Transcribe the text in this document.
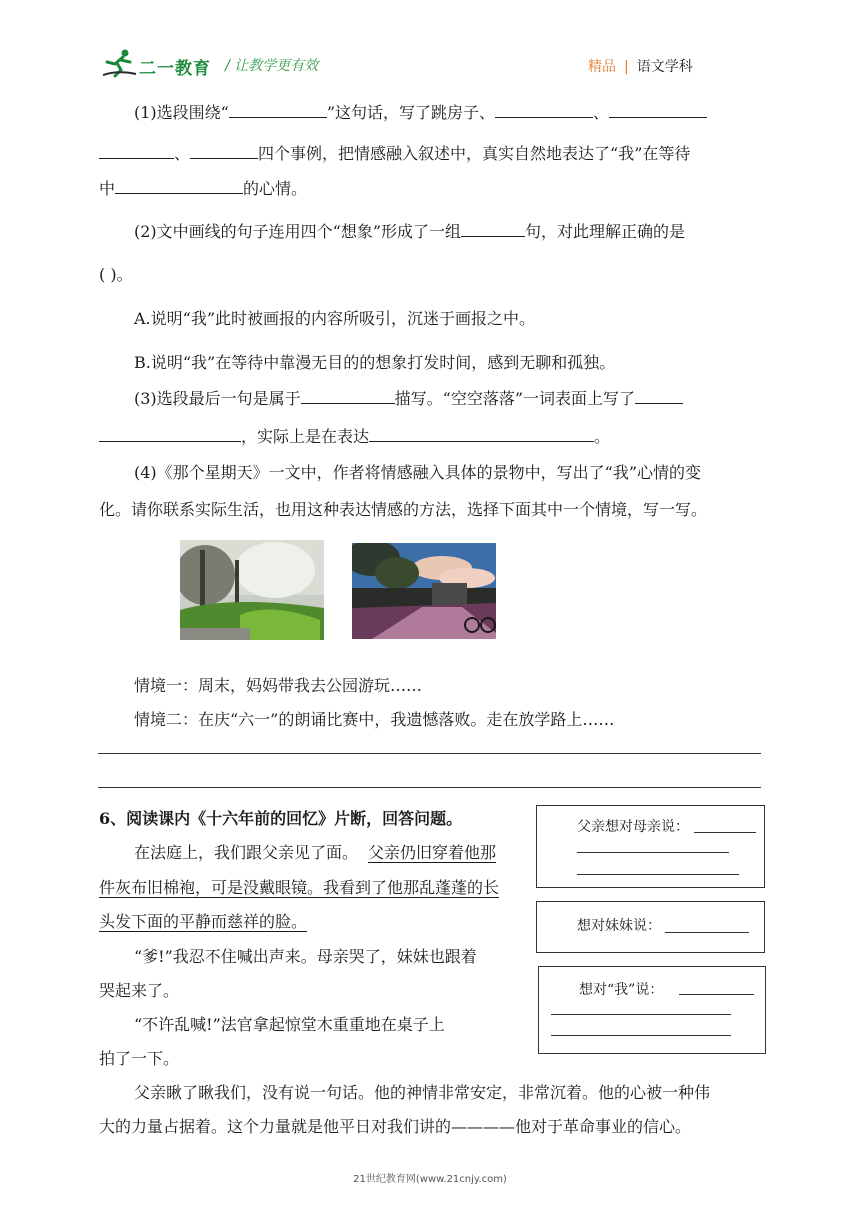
二一教育 / 让教学更有效	精品 | 语文学科
(1)选段围绕“	”这句话，写了跳房子、	、
、	四个事例，把情感融入叙述中，真实自然地表达了“我”在等待
中	的心情。
(2)文中画线的句子连用四个“想象”形成了一组	句，对此理解正确的是
( )。
A.说明“我”此时被画报的内容所吸引，沉迷于画报之中。
B.说明“我”在等待中靠漫无目的的想象打发时间，感到无聊和孤独。
(3)选段最后一句是属于	描写。“空空落落”一词表面上写了
，实际上是在表达	。
(4)《那个星期天》一文中，作者将情感融入具体的景物中，写出了“我”心情的变
化。请你联系实际生活，也用这种表达情感的方法，选择下面其中一个情境，写一写。
情境一：周末，妈妈带我去公园游玩……
情境二：在庆“六一”的朗诵比赛中，我遗憾落败。走在放学路上……
6、阅读课内《十六年前的回忆》片断，回答问题。
在法庭上，我们跟父亲见了面。 父亲仍旧穿着他那
件灰布旧棉袍，可是没戴眼镜。我看到了他那乱蓬蓬的长
头发下面的平静而慈祥的脸。
“爹!”我忍不住喊出声来。母亲哭了，妹妹也跟着
哭起来了。
“不许乱喊!”法官拿起惊堂木重重地在桌子上
拍了一下。
父亲瞅了瞅我们，没有说一句话。他的神情非常安定，非常沉着。他的心被一种伟
大的力量占据着。这个力量就是他平日对我们讲的————他对于革命事业的信心。
父亲想对母亲说：
想对妹妹说：
想对“我”说：
21世纪教育网(www.21cnjy.com)
